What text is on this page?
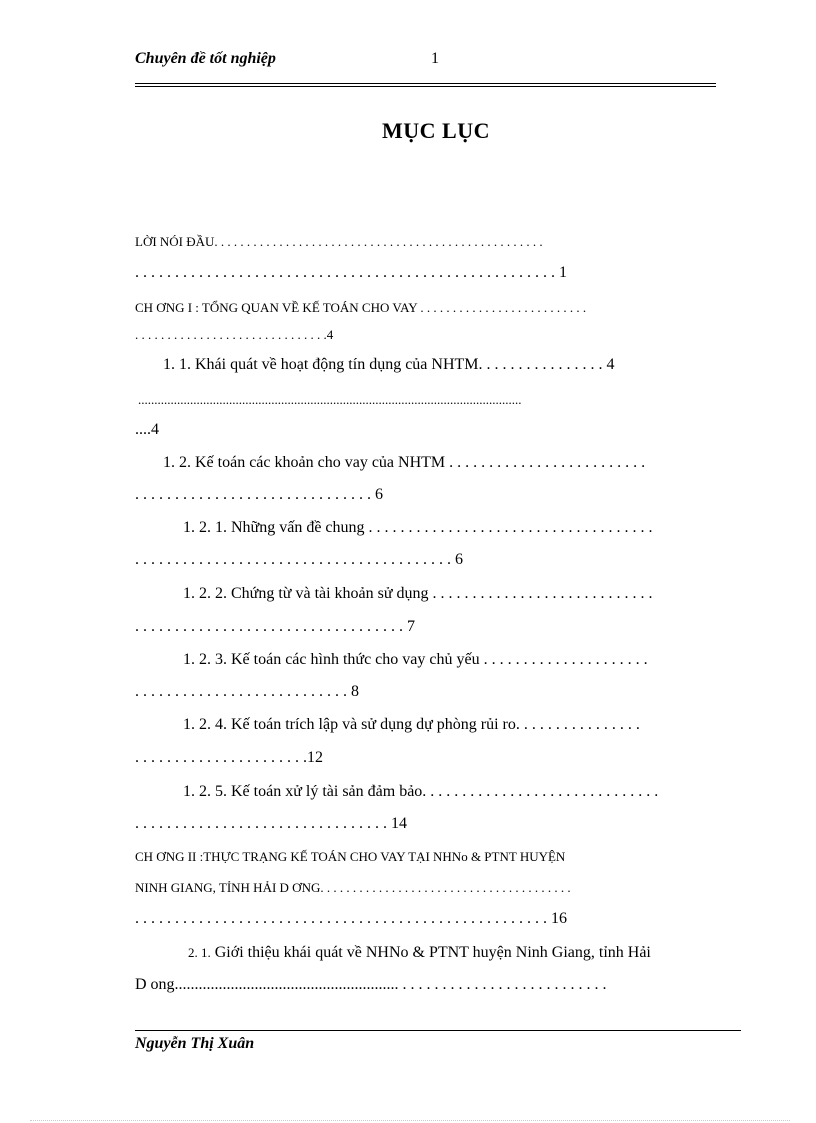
Chuyên đề tốt nghiệp	1
MỤC LỤC
LỜI NÓI ĐẦU. . . . . . . . . . . . . . . . . . . . . . . . . . . . . . . . . . . . . . . . . . . . . . . . . . .
. . . . . . . . . . . . . . . . . . . . . . . . . . . . . . . . . . . . . . . . . . . . . . . . . . . . . 1
CH ƠNG I : TỔNG QUAN VỀ KẾ TOÁN CHO VAY . . . . . . . . . . . . . . . . . . . . . . . . . .
. . . . . . . . . . . . . . . . . . . . . . . . . . . . . .4
1. 1. Khái quát về hoạt động tín dụng của NHTM. . . . . . . . . . . . . . . . 4
......................................................................................................................
....4
1. 2. Kế toán các khoản cho vay của NHTM . . . . . . . . . . . . . . . . . . . . . . . . .
. . . . . . . . . . . . . . . . . . . . . . . . . . . . . . 6
1. 2. 1. Những vấn đề chung . . . . . . . . . . . . . . . . . . . . . . . . . . . . . . . . . . . .
. . . . . . . . . . . . . . . . . . . . . . . . . . . . . . . . . . . . . . . . 6
1. 2. 2. Chứng từ và tài khoản sử dụng . . . . . . . . . . . . . . . . . . . . . . . . . . . .
. . . . . . . . . . . . . . . . . . . . . . . . . . . . . . . . . . 7
1. 2. 3. Kế toán các hình thức cho vay chủ yếu . . . . . . . . . . . . . . . . . . . . .
. . . . . . . . . . . . . . . . . . . . . . . . . . . 8
1. 2. 4. Kế toán trích lập và sử dụng dự phòng rủi ro. . . . . . . . . . . . . . . .
. . . . . . . . . . . . . . . . . . . . . .12
1. 2. 5. Kế toán xử lý tài sản đảm bảo. . . . . . . . . . . . . . . . . . . . . . . . . . . . . .
. . . . . . . . . . . . . . . . . . . . . . . . . . . . . . . . 14
CH ƠNG II :THỰC TRẠNG KẾ TOÁN CHO VAY TẠI NHNo & PTNT HUYỆN
NINH GIANG, TỈNH HẢI D ƠNG. . . . . . . . . . . . . . . . . . . . . . . . . . . . . . . . . . . . . . .
. . . . . . . . . . . . . . . . . . . . . . . . . . . . . . . . . . . . . . . . . . . . . . . . . . . . 16
2. 1. Giới thiệu khái quát về NHNo & PTNT huyện Ninh Giang, tỉnh Hải
D ong........................................................ . . . . . . . . . . . . . . . . . . . . . . . . . .
Nguyễn Thị Xuân
